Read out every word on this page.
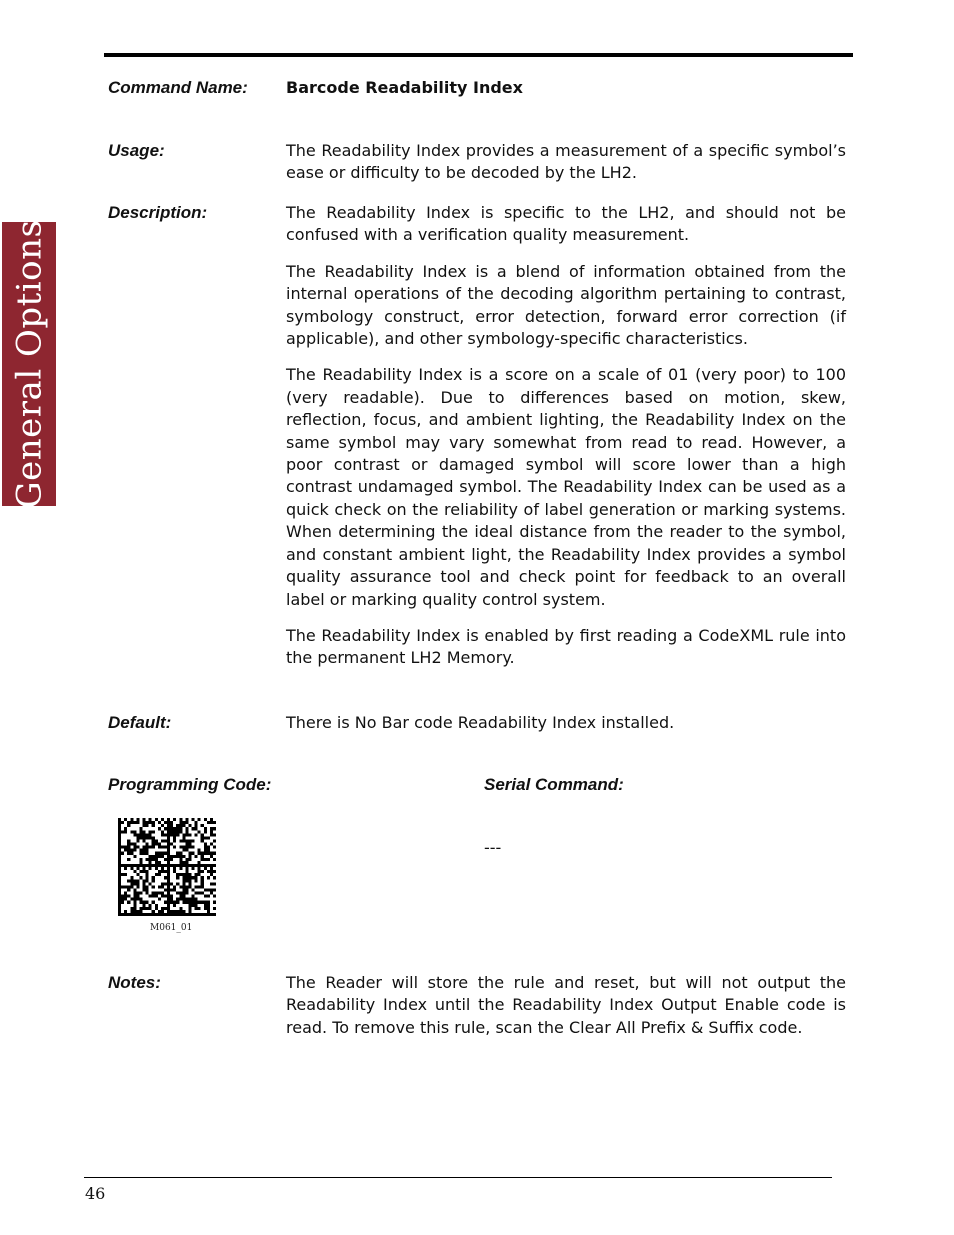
General Options
Command Name: Barcode Readability Index
Usage:	The Readability Index provides a measurement of a specific symbol’s ease or difficulty to be decoded by the LH2.

Description:	The Readability Index is specific to the LH2, and should not be confused with a verification quality measurement.

The Readability Index is a blend of information obtained from the internal operations of the decoding algorithm pertaining to contrast, symbology construct, error detection, forward error correction (if applicable), and other symbology-specific characteristics.

The Readability Index is a score on a scale of 01 (very poor) to 100 (very readable). Due to differences based on motion, skew, reflection, focus, and ambient lighting, the Readability Index on the same symbol may vary somewhat from read to read. However, a poor contrast or damaged symbol will score lower than a high contrast undamaged symbol. The Readability Index can be used as a quick check on the reliability of label generation or marking systems. When determining the ideal distance from the reader to the symbol, and constant ambient light, the Readability Index provides a symbol quality assurance tool and check point for feedback to an overall label or marking quality control system.

The Readability Index is enabled by first reading a CodeXML rule into the permanent LH2 Memory.

Default:	There is No Bar code Readability Index installed.

Programming Code:	Serial Command:
M061_01
---
Notes:	The Reader will store the rule and reset, but will not output the Readability Index until the Readability Index Output Enable code is read. To remove this rule, scan the Clear All Prefix & Suffix code.

46
